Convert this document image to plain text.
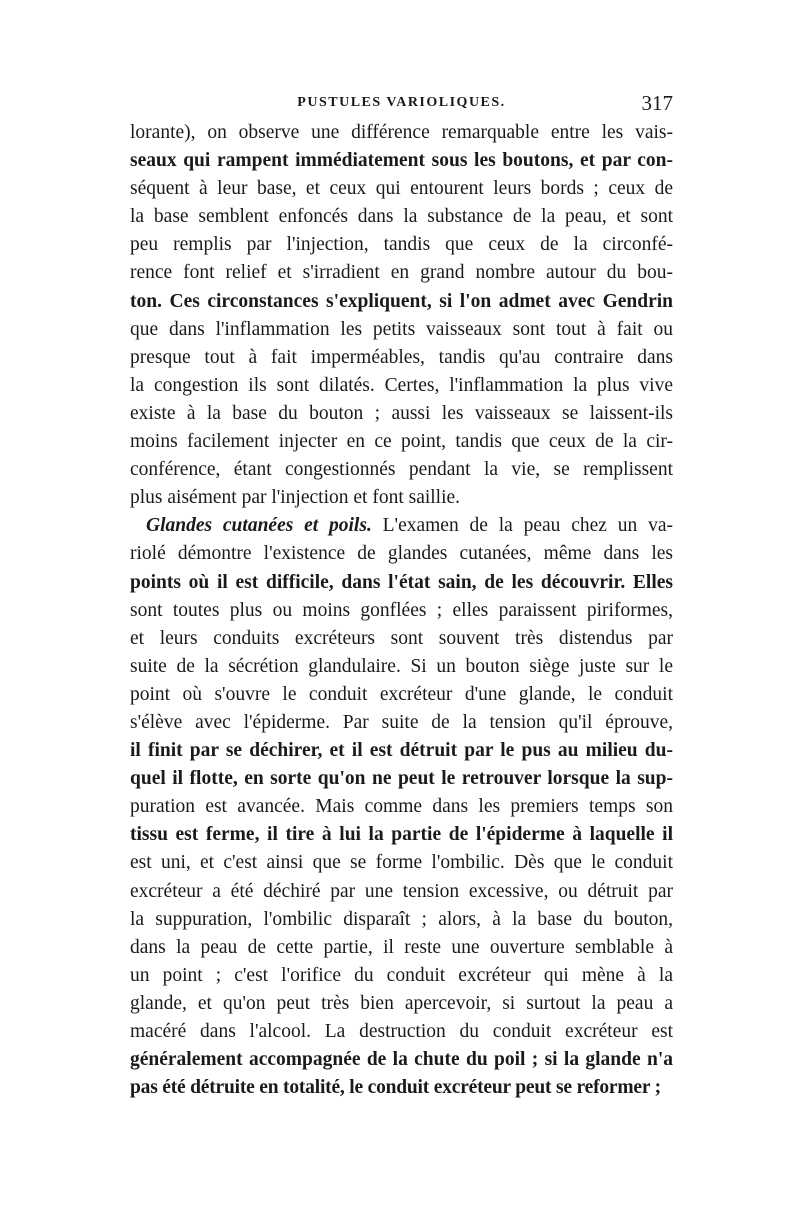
PUSTULES VARIOLIQUES.	317
lorante), on observe une différence remarquable entre les vais-
seaux qui rampent immédiatement sous les boutons, et par con-
séquent à leur base, et ceux qui entourent leurs bords ; ceux de
la base semblent enfoncés dans la substance de la peau, et sont
peu remplis par l'injection, tandis que ceux de la circonfé-
rence font relief et s'irradient en grand nombre autour du bou-
ton. Ces circonstances s'expliquent, si l'on admet avec Gendrin
que dans l'inflammation les petits vaisseaux sont tout à fait ou
presque tout à fait imperméables, tandis qu'au contraire dans
la congestion ils sont dilatés. Certes, l'inflammation la plus vive
existe à la base du bouton ; aussi les vaisseaux se laissent-ils
moins facilement injecter en ce point, tandis que ceux de la cir-
conférence, étant congestionnés pendant la vie, se remplissent
plus aisément par l'injection et font saillie.
Glandes cutanées et poils. L'examen de la peau chez un va-
riolé démontre l'existence de glandes cutanées, même dans les
points où il est difficile, dans l'état sain, de les découvrir. Elles
sont toutes plus ou moins gonflées ; elles paraissent piriformes,
et leurs conduits excréteurs sont souvent très distendus par
suite de la sécrétion glandulaire. Si un bouton siège juste sur le
point où s'ouvre le conduit excréteur d'une glande, le conduit
s'élève avec l'épiderme. Par suite de la tension qu'il éprouve,
il finit par se déchirer, et il est détruit par le pus au milieu du-
quel il flotte, en sorte qu'on ne peut le retrouver lorsque la sup-
puration est avancée. Mais comme dans les premiers temps son
tissu est ferme, il tire à lui la partie de l'épiderme à laquelle il
est uni, et c'est ainsi que se forme l'ombilic. Dès que le conduit
excréteur a été déchiré par une tension excessive, ou détruit par
la suppuration, l'ombilic disparaît ; alors, à la base du bouton,
dans la peau de cette partie, il reste une ouverture semblable à
un point ; c'est l'orifice du conduit excréteur qui mène à la
glande, et qu'on peut très bien apercevoir, si surtout la peau a
macéré dans l'alcool. La destruction du conduit excréteur est
généralement accompagnée de la chute du poil ; si la glande n'a
pas été détruite en totalité, le conduit excréteur peut se reformer ;
